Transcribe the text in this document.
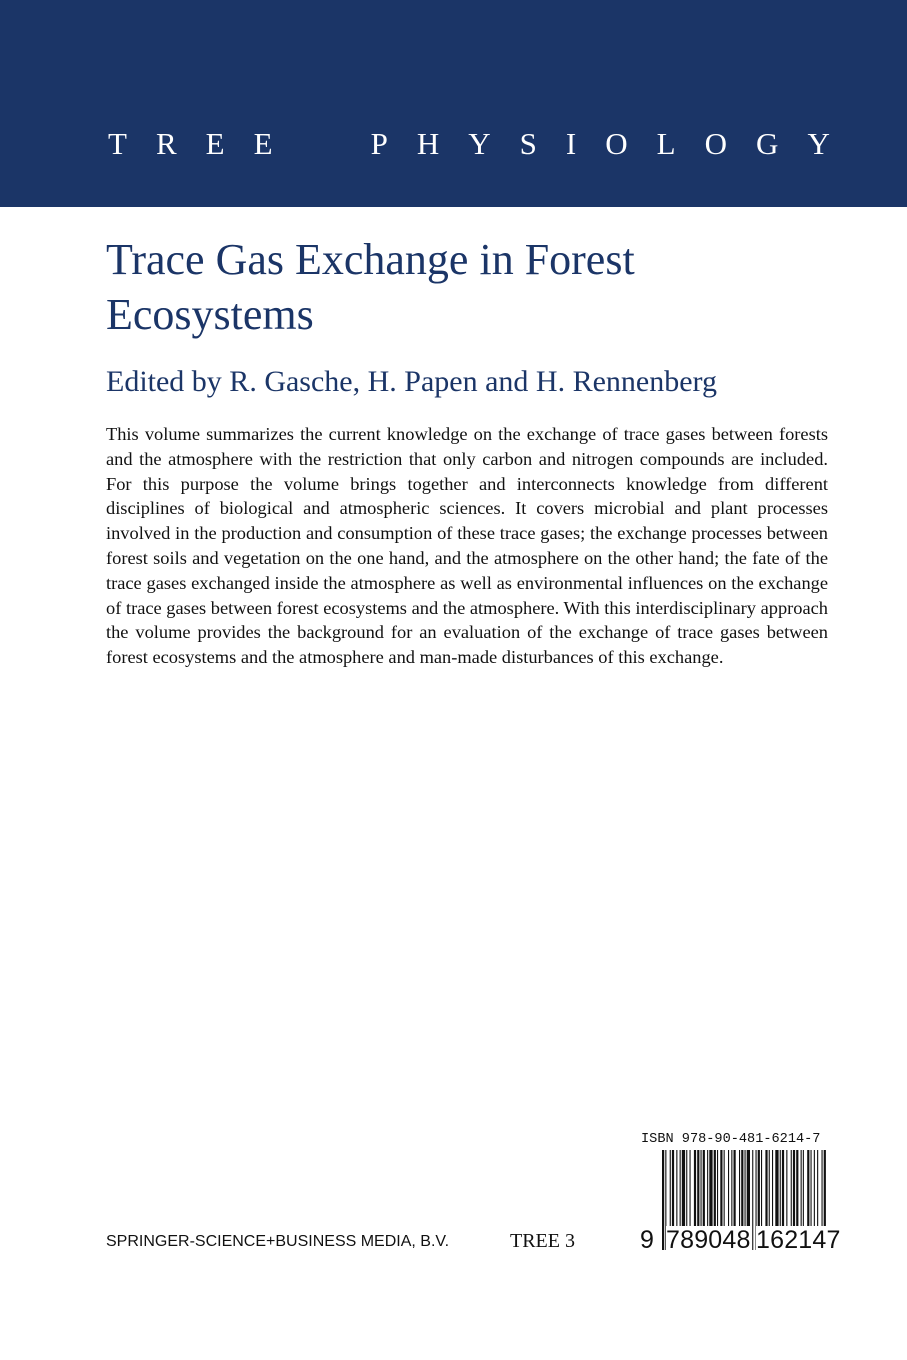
T R E E	P H Y S I O L O G Y
Trace Gas Exchange in Forest Ecosystems

Edited by R. Gasche, H. Papen and H. Rennenberg

This volume summarizes the current knowledge on the exchange of trace gases between forests and the atmosphere with the restriction that only carbon and nitrogen compounds are included. For this purpose the volume brings together and interconnects knowledge from different disciplines of biological and atmospheric sciences. It covers microbial and plant processes involved in the production and consumption of these trace gases; the exchange processes between forest soils and vegetation on the one hand, and the atmosphere on the other hand; the fate of the trace gases exchanged inside the atmosphere as well as environmental influences on the exchange of trace gases between forest ecosystems and the atmosphere. With this interdisciplinary approach the volume provides the background for an evaluation of the exchange of trace gases between forest ecosystems and the atmosphere and man-made disturbances of this exchange.

ISBN 978-90-481-6214-7
9 789048 162147
SPRINGER-SCIENCE+BUSINESS MEDIA, B.V.	TREE 3
